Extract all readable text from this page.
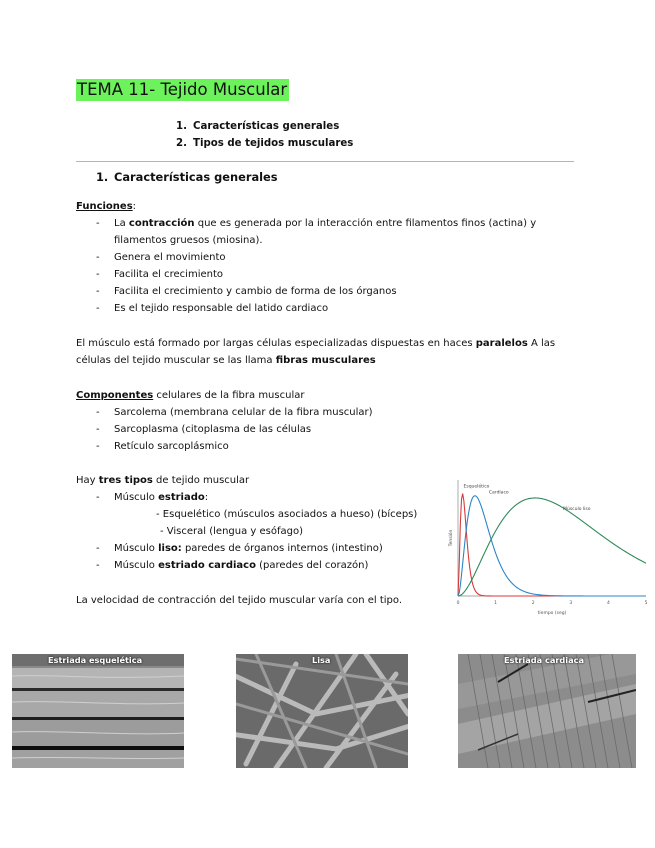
TEMA 11- Tejido Muscular
1. Características generales
2. Tipos de tejidos musculares
1. Características generales
Funciones:
- La contracción que es generada por la interacción entre filamentos finos (actina) y
filamentos gruesos (miosina).
- Genera el movimiento
- Facilita el crecimiento
- Facilita el crecimiento y cambio de forma de los órganos
- Es el tejido responsable del latido cardiaco
El músculo está formado por largas células especializadas dispuestas en haces paralelos A las
células del tejido muscular se las llama fibras musculares
Componentes celulares de la fibra muscular
- Sarcolema (membrana celular de la fibra muscular)
- Sarcoplasma (citoplasma de las células
- Retículo sarcoplásmico
Hay tres tipos de tejido muscular
- Músculo estriado:
- Esquelético (músculos asociados a hueso) (bíceps)
- Visceral (lengua y esófago)
- Músculo liso: paredes de órganos internos (intestino)
- Músculo estriado cardiaco (paredes del corazón)
La velocidad de contracción del tejido muscular varía con el tipo.	0	1	2	3	4	5
Esquelético
Cardíaco
Músculo liso
Tensión
tiempo (seg)
Estriada esquelética	Lisa	Estriada cardiaca
